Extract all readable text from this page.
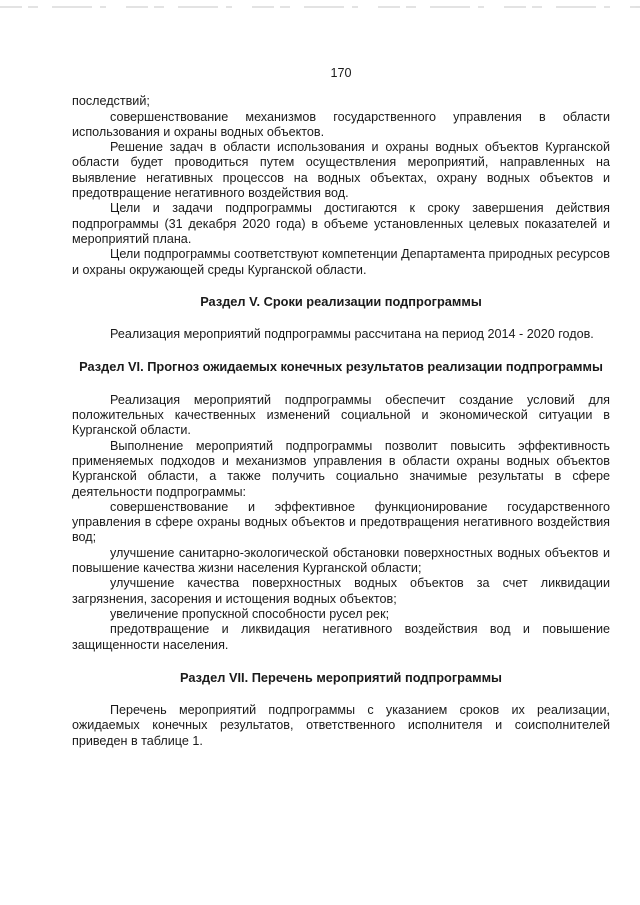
170

последствий;

совершенствование механизмов государственного управления в области использования и охраны водных объектов.

Решение задач в области использования и охраны водных объектов Курганской области будет проводиться путем осуществления мероприятий, направленных на выявление негативных процессов на водных объектах, охрану водных объектов и предотвращение негативного воздействия вод.

Цели и задачи подпрограммы достигаются к сроку завершения действия подпрограммы (31 декабря 2020 года) в объеме установленных целевых показателей и мероприятий плана.

Цели подпрограммы соответствуют компетенции Департамента природных ресурсов и охраны окружающей среды Курганской области.

Раздел V. Сроки реализации подпрограммы

Реализация мероприятий подпрограммы рассчитана на период 2014 - 2020 годов.

Раздел VI. Прогноз ожидаемых конечных результатов реализации подпрограммы

Реализация мероприятий подпрограммы обеспечит создание условий для положительных качественных изменений социальной и экономической ситуации в Курганской области.

Выполнение мероприятий подпрограммы позволит повысить эффективность применяемых подходов и механизмов управления в области охраны водных объектов Курганской области, а также получить социально значимые результаты в сфере деятельности подпрограммы:

совершенствование и эффективное функционирование государственного управления в сфере охраны водных объектов и предотвращения негативного воздействия вод;

улучшение санитарно-экологической обстановки поверхностных водных объектов и повышение качества жизни населения Курганской области;

улучшение качества поверхностных водных объектов за счет ликвидации загрязнения, засорения и истощения водных объектов;

увеличение пропускной способности русел рек;

предотвращение и ликвидация негативного воздействия вод и повышение защищенности населения.

Раздел VII. Перечень мероприятий подпрограммы

Перечень мероприятий подпрограммы с указанием сроков их реализации, ожидаемых конечных результатов, ответственного исполнителя и соисполнителей приведен в таблице 1.
